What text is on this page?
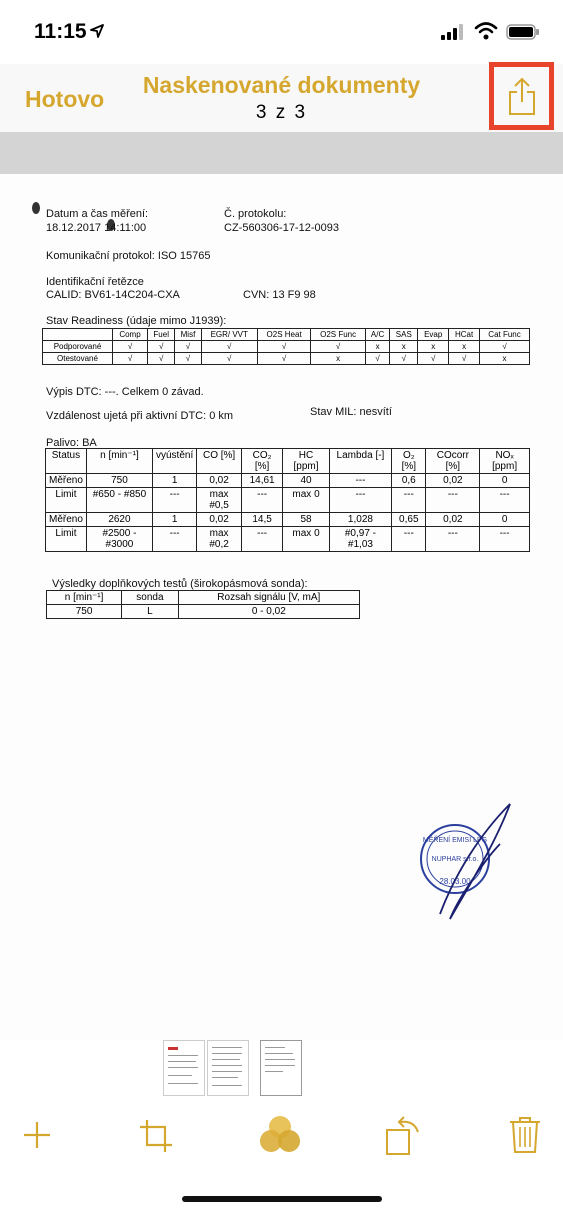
11:15
Hotovo
Naskenované dokumenty
3 z 3
Datum a čas měření:
18.12.2017 14:11:00
Č. protokolu:
CZ-560306-17-12-0093
Komunikační protokol: ISO 15765
Identifikační řetězce
CALID: BV61-14C204-CXA	CVN: 13 F9 98
Stav Readiness (údaje mimo J1939):
	Comp	Fuel	Misf	EGR/ VVT	O2S Heat	O2S Func	A/C	SAS	Evap	HCat	Cat Func
Podporované	√	√	√	√	√	√	x	x	x	x	√
Otestované	√	√	√	√	√	x	√	√	√	√	x
Výpis DTC: ---. Celkem 0 závad.
Vzdálenost ujetá při aktivní DTC: 0 km	Stav MIL: nesvítí
Palivo: BA
Status	n [min⁻¹]	vyústění	CO [%]	CO₂ [%]	HC [ppm]	Lambda [-]	O₂ [%]	COcorr [%]	NOₓ [ppm]
Měřeno	750	1	0,02	14,61	40	---	0,6	0,02	0
Limit	#650 - #850	---	max #0,5	---	max 0	---	---	---	---
Měřeno	2620	1	0,02	14,5	58	1,028	0,65	0,02	0
Limit	#2500 - #3000	---	max #0,2	---	max 0	#0,97 - #1,03	---	---	---
Výsledky doplňkových testů (širokopásmová sonda):
n [min⁻¹]	sonda	Rozsah signálu [V, mA]
750	L	0 - 0,02
MĚŘENÍ EMISÍ LPG
NUPHAR s.r.o.
28.03.00
